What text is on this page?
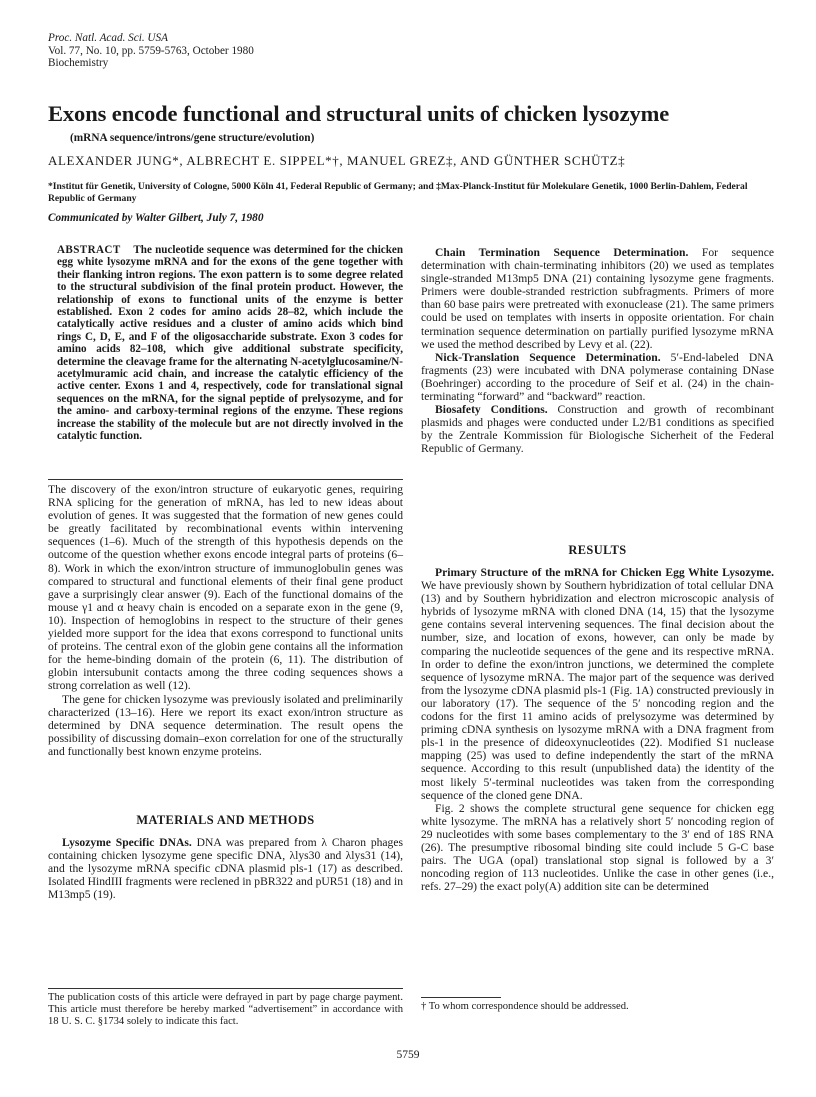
Proc. Natl. Acad. Sci. USA
Vol. 77, No. 10, pp. 5759-5763, October 1980
Biochemistry
Exons encode functional and structural units of chicken lysozyme
(mRNA sequence/introns/gene structure/evolution)
ALEXANDER JUNG*, ALBRECHT E. SIPPEL*†, MANUEL GREZ‡, AND GÜNTHER SCHÜTZ‡
*Institut für Genetik, University of Cologne, 5000 Köln 41, Federal Republic of Germany; and ‡Max-Planck-Institut für Molekulare Genetik, 1000 Berlin-Dahlem, Federal Republic of Germany
Communicated by Walter Gilbert, July 7, 1980
ABSTRACT The nucleotide sequence was determined for the chicken egg white lysozyme mRNA and for the exons of the gene together with their flanking intron regions. The exon pattern is to some degree related to the structural subdivision of the final protein product. However, the relationship of exons to functional units of the enzyme is better established. Exon 2 codes for amino acids 28–82, which include the catalytically active residues and a cluster of amino acids which bind rings C, D, E, and F of the oligosaccharide substrate. Exon 3 codes for amino acids 82–108, which give additional substrate specificity, determine the cleavage frame for the alternating N-acetylglucosamine/N-acetylmuramic acid chain, and increase the catalytic efficiency of the active center. Exons 1 and 4, respectively, code for translational signal sequences on the mRNA, for the signal peptide of prelysozyme, and for the amino- and carboxy-terminal regions of the enzyme. These regions increase the stability of the molecule but are not directly involved in the catalytic function.

The discovery of the exon/intron structure of eukaryotic genes, requiring RNA splicing for the generation of mRNA, has led to new ideas about evolution of genes. It was suggested that the formation of new genes could be greatly facilitated by recombinational events within intervening sequences (1–6). Much of the strength of this hypothesis depends on the outcome of the question whether exons encode integral parts of proteins (6–8). Work in which the exon/intron structure of immunoglobulin genes was compared to structural and functional elements of their final gene product gave a surprisingly clear answer (9). Each of the functional domains of the mouse γ1 and α heavy chain is encoded on a separate exon in the gene (9, 10). Inspection of hemoglobins in respect to the structure of their genes yielded more support for the idea that exons correspond to functional units of proteins. The central exon of the globin gene contains all the information for the heme-binding domain of the protein (6, 11). The distribution of globin intersubunit contacts among the three coding sequences shows a strong correlation as well (12).

The gene for chicken lysozyme was previously isolated and preliminarily characterized (13–16). Here we report its exact exon/intron structure as determined by DNA sequence determination. The result opens the possibility of discussing domain–exon correlation for one of the structurally and functionally best known enzyme proteins.

MATERIALS AND METHODS

Lysozyme Specific DNAs. DNA was prepared from λ Charon phages containing chicken lysozyme gene specific DNA, λlys30 and λlys31 (14), and the lysozyme mRNA specific cDNA plasmid pls-1 (17) as described. Isolated HindIII fragments were reclened in pBR322 and pUR51 (18) and in M13mp5 (19).

The publication costs of this article were defrayed in part by page charge payment. This article must therefore be hereby marked “advertisement” in accordance with 18 U. S. C. §1734 solely to indicate this fact.

Chain Termination Sequence Determination. For sequence determination with chain-terminating inhibitors (20) we used as templates single-stranded M13mp5 DNA (21) containing lysozyme gene fragments. Primers were double-stranded restriction subfragments. Primers of more than 60 base pairs were pretreated with exonuclease (21). The same primers could be used on templates with inserts in opposite orientation. For chain termination sequence determination on partially purified lysozyme mRNA we used the method described by Levy et al. (22).

Nick-Translation Sequence Determination. 5′-End-labeled DNA fragments (23) were incubated with DNA polymerase containing DNase (Boehringer) according to the procedure of Seif et al. (24) in the chain-terminating “forward” and “backward” reaction.

Biosafety Conditions. Construction and growth of recombinant plasmids and phages were conducted under L2/B1 conditions as specified by the Zentrale Kommission für Biologische Sicherheit of the Federal Republic of Germany.

RESULTS

Primary Structure of the mRNA for Chicken Egg White Lysozyme. We have previously shown by Southern hybridization of total cellular DNA (13) and by Southern hybridization and electron microscopic analysis of hybrids of lysozyme mRNA with cloned DNA (14, 15) that the lysozyme gene contains several intervening sequences. The final decision about the number, size, and location of exons, however, can only be made by comparing the nucleotide sequences of the gene and its respective mRNA. In order to define the exon/intron junctions, we determined the complete sequence of lysozyme mRNA. The major part of the sequence was derived from the lysozyme cDNA plasmid pls-1 (Fig. 1A) constructed previously in our laboratory (17). The sequence of the 5′ noncoding region and the codons for the first 11 amino acids of prelysozyme was determined by priming cDNA synthesis on lysozyme mRNA with a DNA fragment from pls-1 in the presence of dideoxynucleotides (22). Modified S1 nuclease mapping (25) was used to define independently the start of the mRNA sequence. According to this result (unpublished data) the identity of the most likely 5′-terminal nucleotides was taken from the corresponding sequence of the cloned gene DNA.

Fig. 2 shows the complete structural gene sequence for chicken egg white lysozyme. The mRNA has a relatively short 5′ noncoding region of 29 nucleotides with some bases complementary to the 3′ end of 18S RNA (26). The presumptive ribosomal binding site could include 5 G-C base pairs. The UGA (opal) translational stop signal is followed by a 3′ noncoding region of 113 nucleotides. Unlike the case in other genes (i.e., refs. 27–29) the exact poly(A) addition site can be determined

† To whom correspondence should be addressed.
5759
